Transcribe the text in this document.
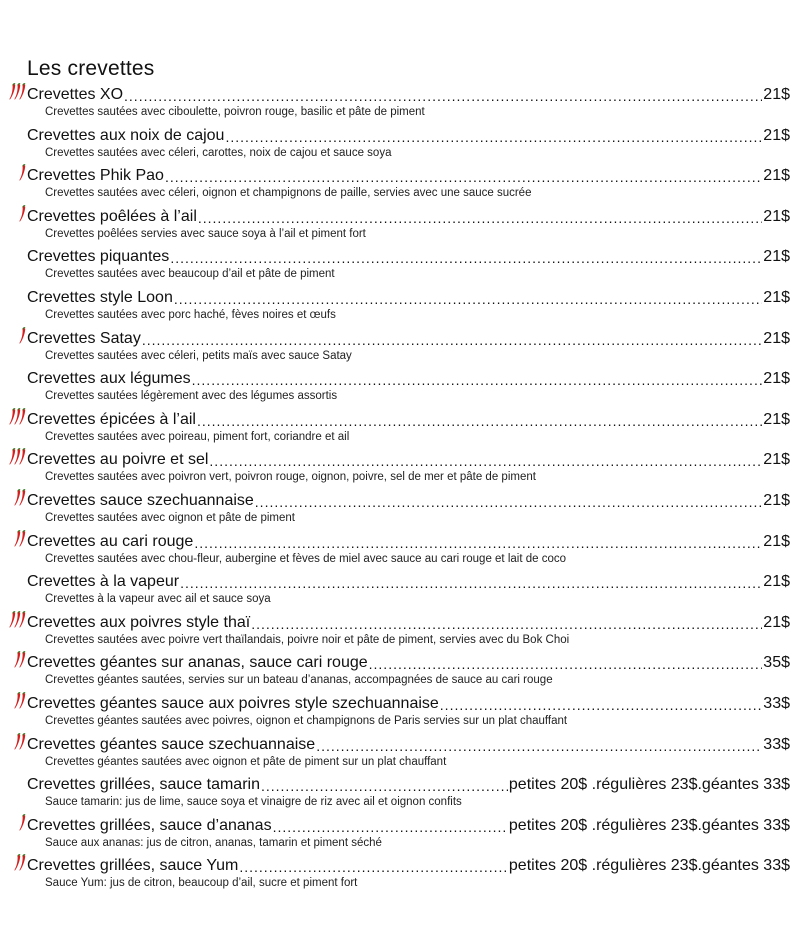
Les crevettes
Crevettes XO .....	21$
Crevettes sautées avec ciboulette, poivron rouge, basilic et pâte de piment
Crevettes aux noix de cajou .....	21$
Crevettes sautées avec céleri, carottes, noix de cajou et sauce soya
Crevettes Phik Pao .....	21$
Crevettes sautées avec céleri, oignon et champignons de paille, servies avec une sauce sucrée
Crevettes poêlées à l’ail .....	21$
Crevettes poêlées servies avec sauce soya à l’ail et piment fort
Crevettes piquantes .....	21$
Crevettes sautées avec beaucoup d’ail et pâte de piment
Crevettes style Loon .....	21$
Crevettes sautées avec porc haché, fèves noires et œufs
Crevettes Satay .....	21$
Crevettes sautées avec céleri, petits maïs avec sauce Satay
Crevettes aux légumes .....	21$
Crevettes sautées légèrement avec des légumes assortis
Crevettes épicées à l’ail .....	21$
Crevettes sautées avec poireau, piment fort, coriandre et ail
Crevettes au poivre et sel .....	21$
Crevettes sautées avec poivron vert, poivron rouge, oignon, poivre, sel de mer et pâte de piment
Crevettes sauce szechuannaise .....	21$
Crevettes sautées avec oignon et pâte de piment
Crevettes au cari rouge .....	21$
Crevettes sautées avec chou-fleur, aubergine et fèves de miel avec sauce au cari rouge et lait de coco
Crevettes à la vapeur .....	21$
Crevettes à la vapeur avec ail et sauce soya
Crevettes aux poivres style thaï .....	21$
Crevettes sautées avec poivre vert thaïlandais, poivre noir et pâte de piment, servies avec du Bok Choi
Crevettes géantes sur ananas, sauce cari rouge .....	35$
Crevettes géantes sautées, servies sur un bateau d’ananas, accompagnées de sauce au cari rouge
Crevettes géantes sauce aux poivres style szechuannaise .....	33$
Crevettes géantes sautées avec poivres, oignon et champignons de Paris servies sur un plat chauffant
Crevettes géantes sauce szechuannaise .....	33$
Crevettes géantes sautées avec oignon et pâte de piment sur un plat chauffant
Crevettes grillées, sauce tamarin .....	petites 20$ .régulières 23$.géantes 33$
Sauce tamarin: jus de lime, sauce soya et vinaigre de riz avec ail et oignon confits
Crevettes grillées, sauce d’ananas .....	petites 20$ .régulières 23$.géantes 33$
Sauce aux ananas: jus de citron, ananas, tamarin et piment séché
Crevettes grillées, sauce Yum .....	petites 20$ .régulières 23$.géantes 33$
Sauce Yum: jus de citron, beaucoup d’ail, sucre et piment fort
